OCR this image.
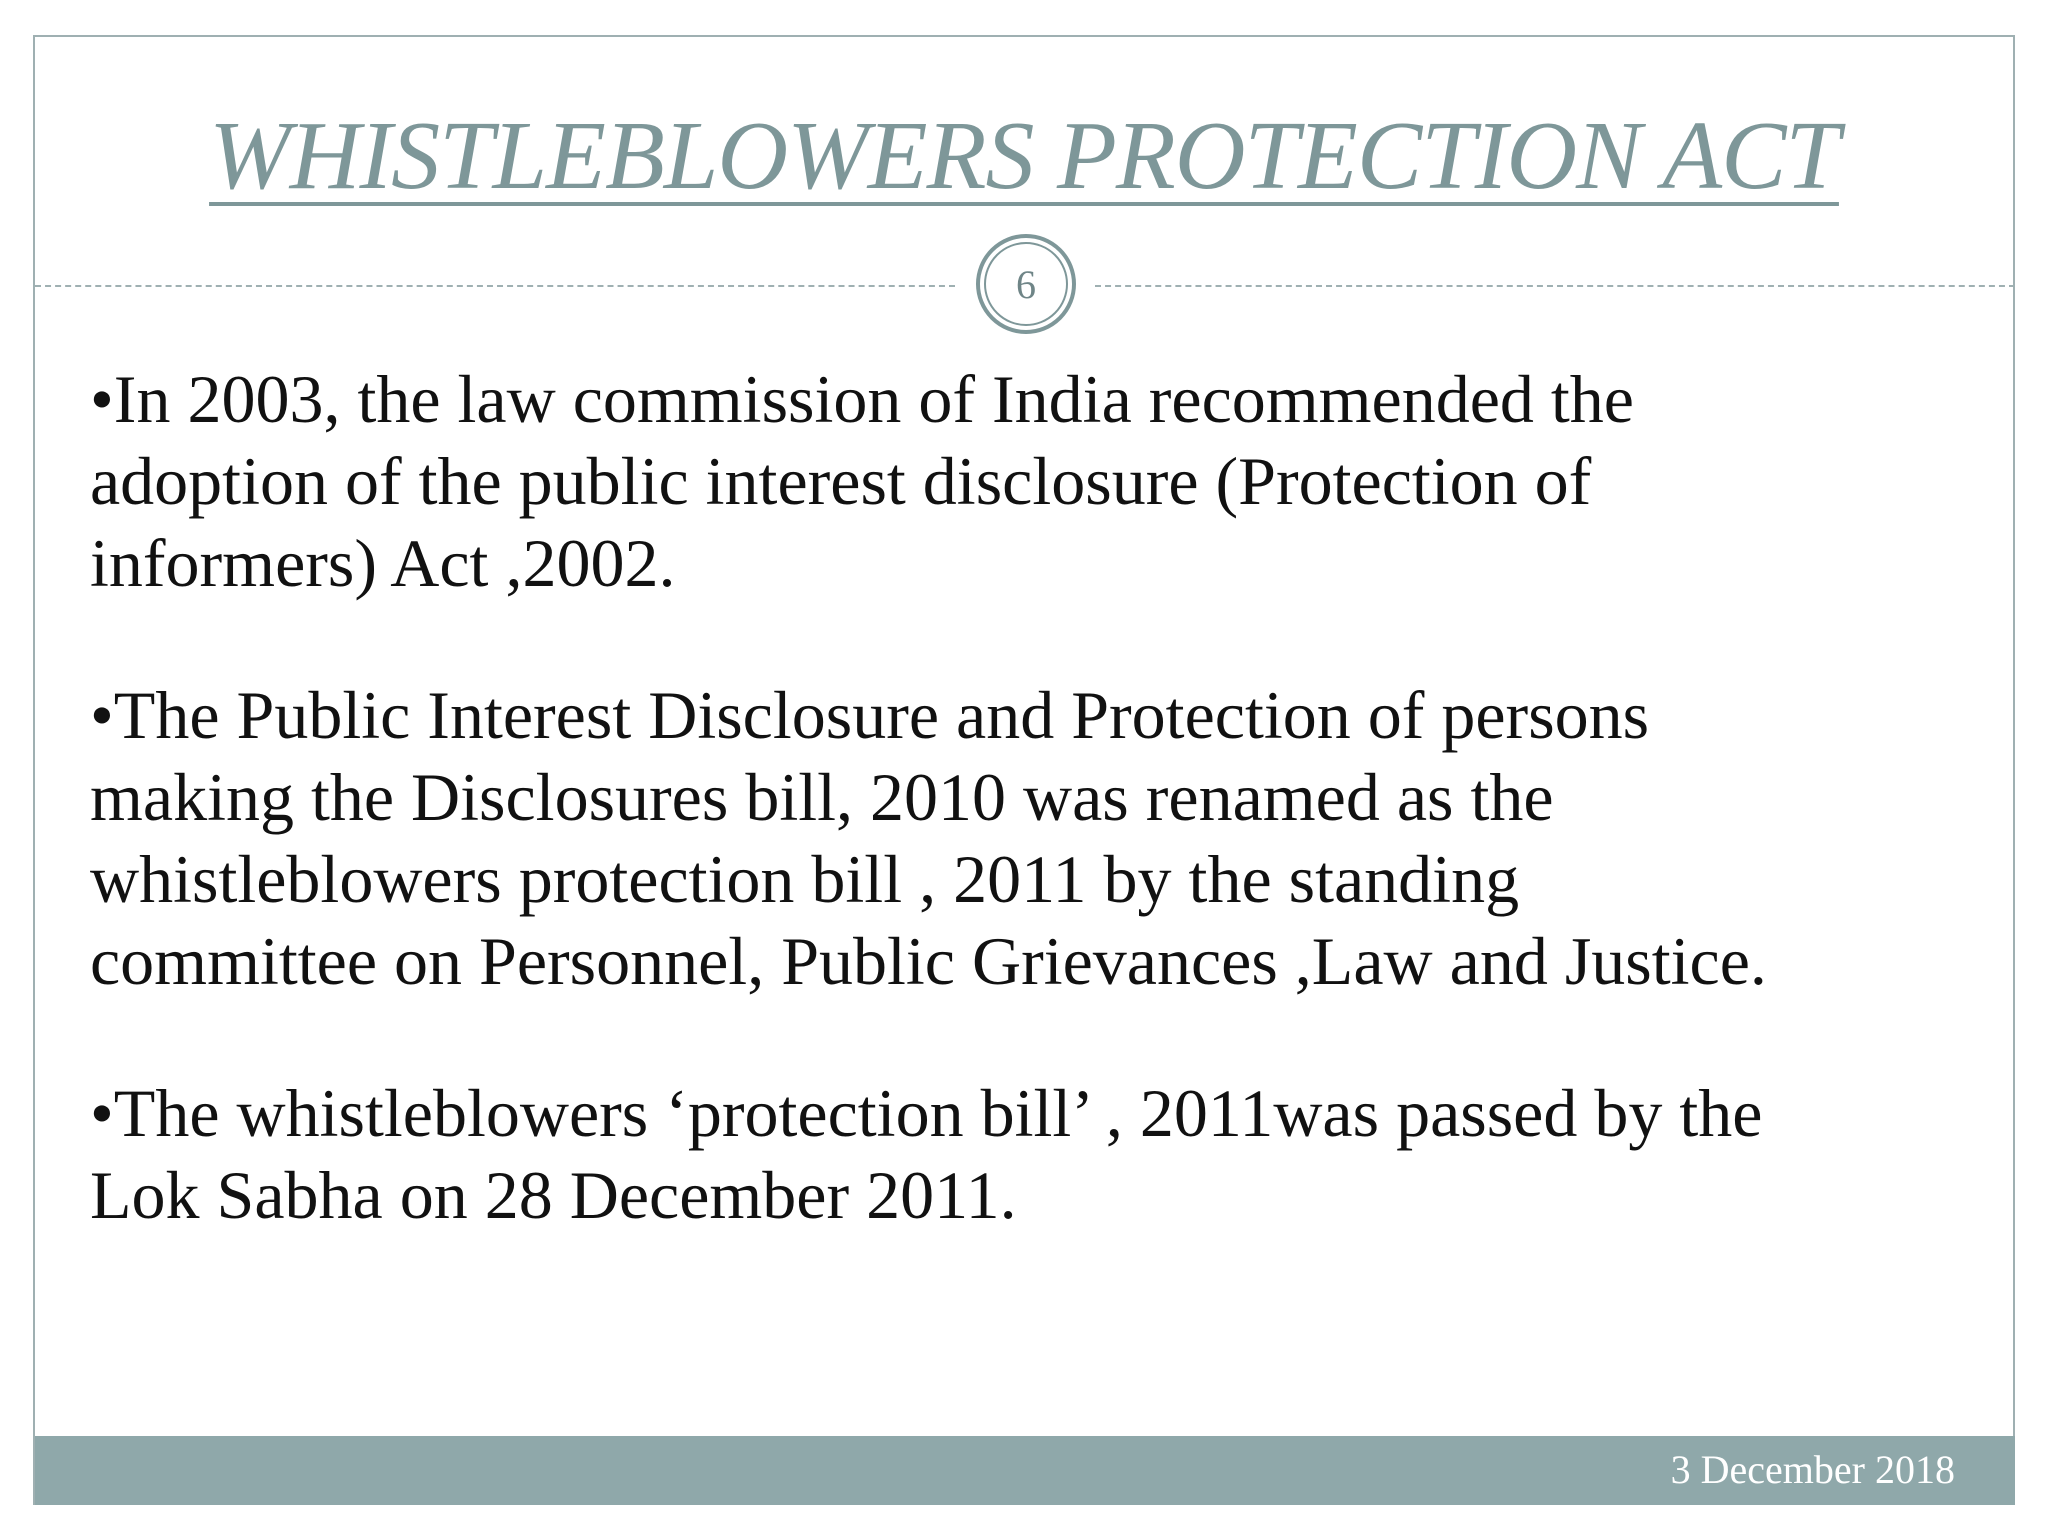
WHISTLEBLOWERS PROTECTION ACT
6

•In 2003, the law commission of India recommended the
adoption of the public interest disclosure (Protection of
informers) Act ,2002.

•The Public Interest Disclosure and Protection of persons
making the Disclosures bill, 2010 was renamed as the
whistleblowers protection bill , 2011 by the standing
committee on Personnel, Public Grievances ,Law and Justice.

•The whistleblowers ‘protection bill’ , 2011was passed by the
Lok Sabha on 28 December 2011.

3 December 2018
